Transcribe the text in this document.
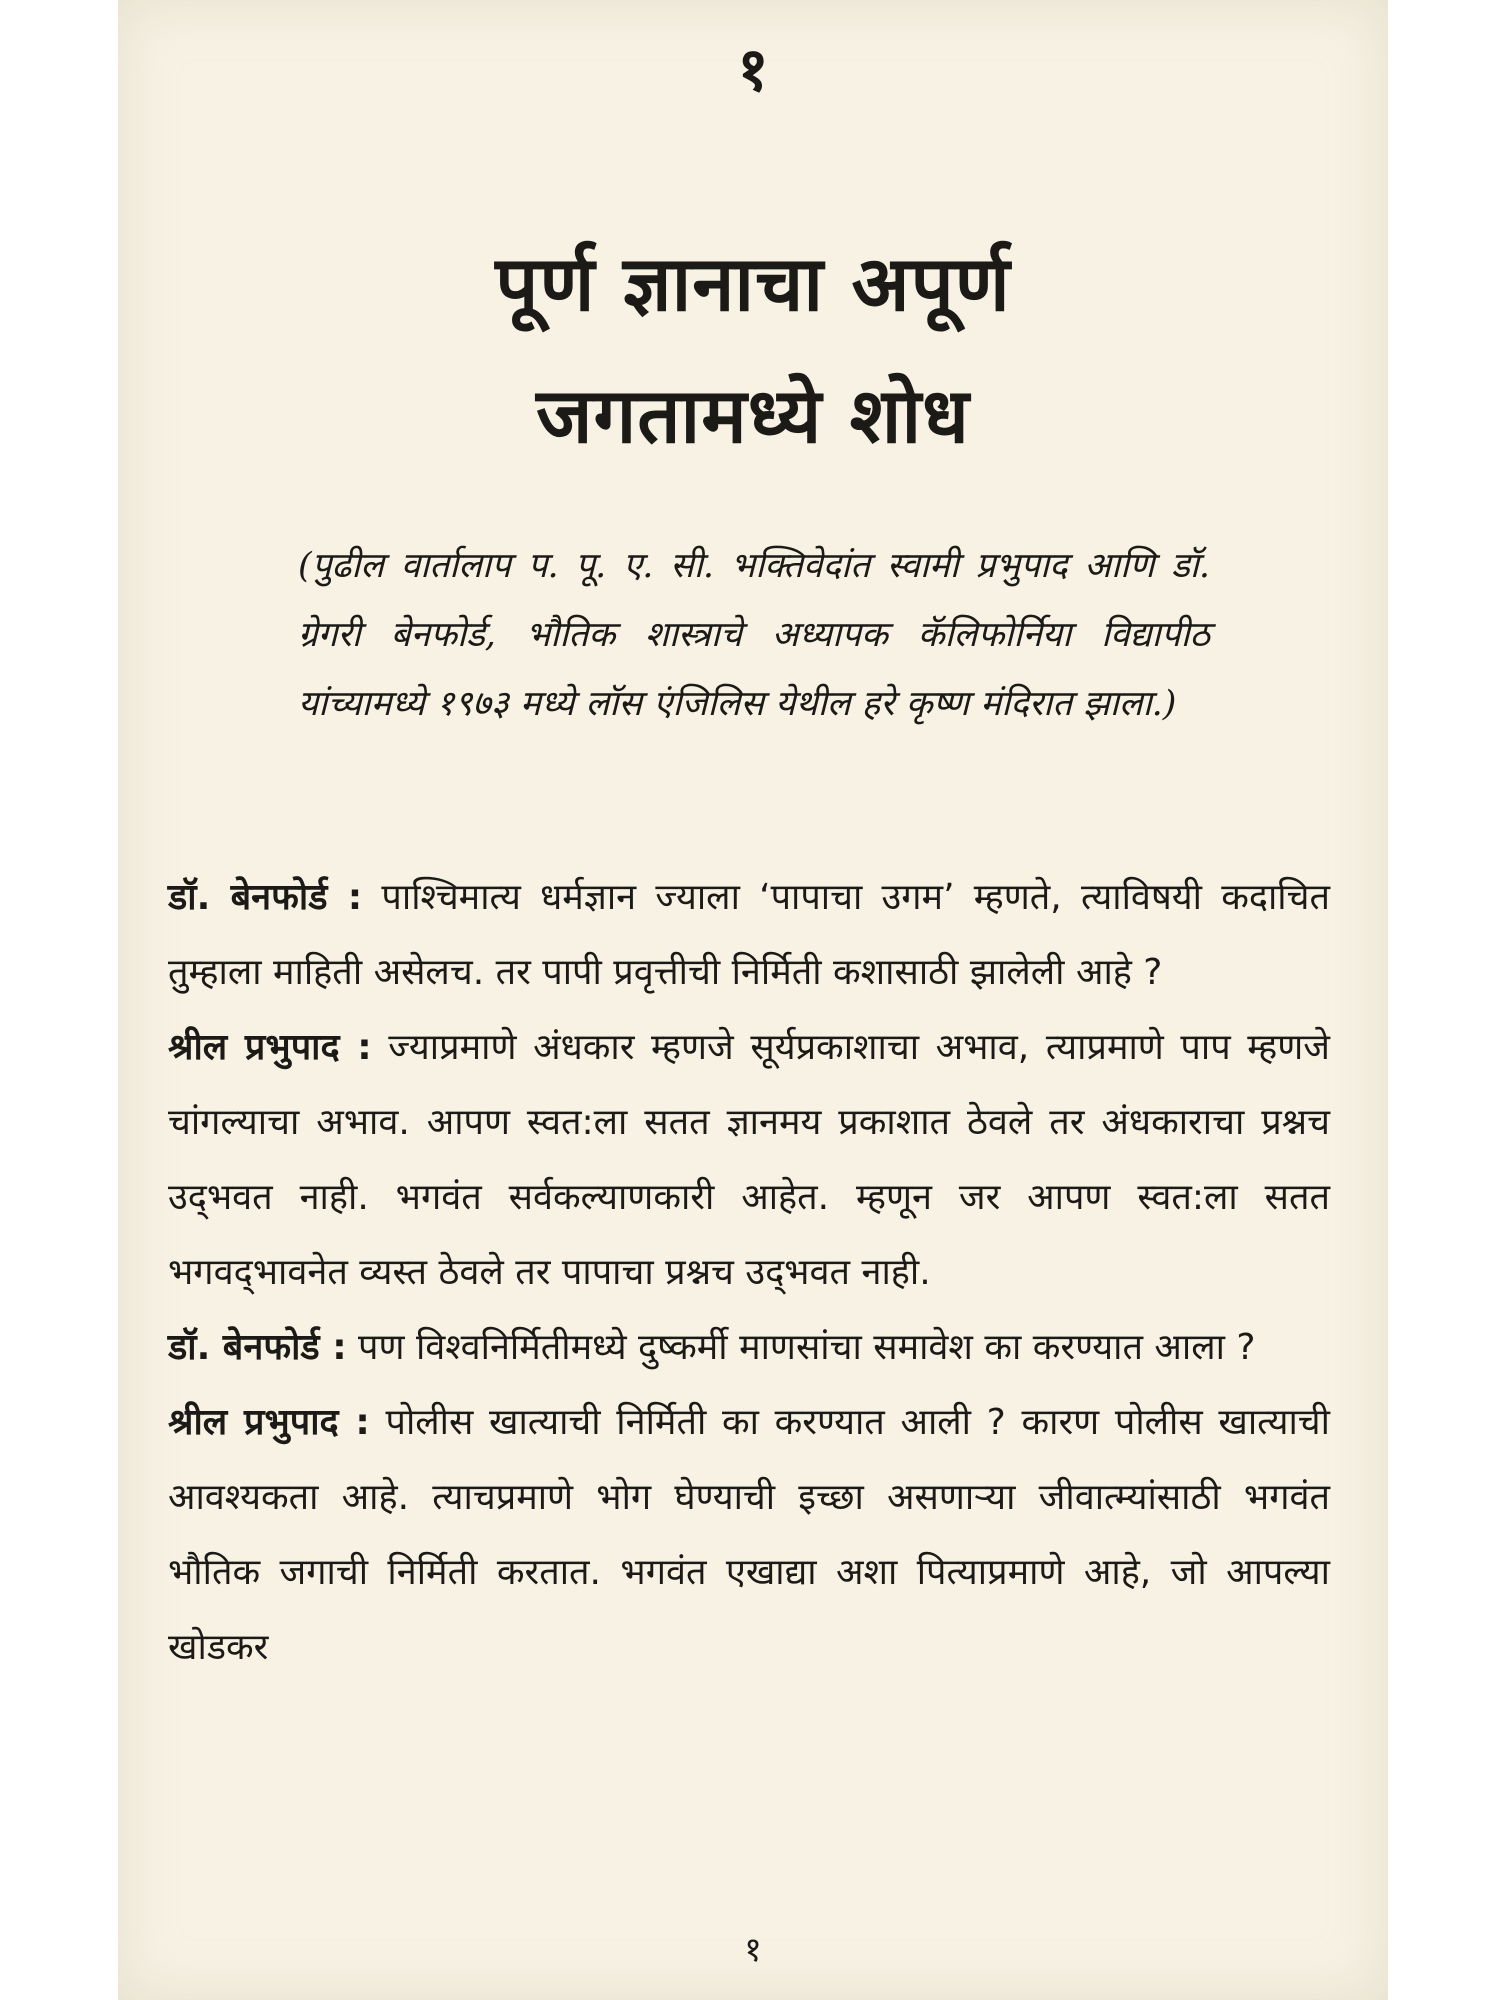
१
पूर्ण ज्ञानाचा अपूर्ण
जगतामध्ये शोध
(पुढील वार्तालाप प. पू. ए. सी. भक्तिवेदांत स्वामी प्रभुपाद आणि डॉ. ग्रेगरी बेनफोर्ड, भौतिक शास्त्राचे अध्यापक कॅलिफोर्निया विद्यापीठ यांच्यामध्ये १९७३ मध्ये लॉस एंजिलिस येथील हरे कृष्ण मंदिरात झाला.)

डॉ. बेनफोर्ड : पाश्चिमात्य धर्मज्ञान ज्याला ‘पापाचा उगम’ म्हणते, त्याविषयी कदाचित तुम्हाला माहिती असेलच. तर पापी प्रवृत्तीची निर्मिती कशासाठी झालेली आहे ?

श्रील प्रभुपाद : ज्याप्रमाणे अंधकार म्हणजे सूर्यप्रकाशाचा अभाव, त्याप्रमाणे पाप म्हणजे चांगल्याचा अभाव. आपण स्वत:ला सतत ज्ञानमय प्रकाशात ठेवले तर अंधकाराचा प्रश्नच उद्‌भवत नाही. भगवंत सर्वकल्याणकारी आहेत. म्हणून जर आपण स्वत:ला सतत भगवद्‌भावनेत व्यस्त ठेवले तर पापाचा प्रश्नच उद्‌भवत नाही.

डॉ. बेनफोर्ड : पण विश्वनिर्मितीमध्ये दुष्कर्मी माणसांचा समावेश का करण्यात आला ?

श्रील प्रभुपाद : पोलीस खात्याची निर्मिती का करण्यात आली ? कारण पोलीस खात्याची आवश्यकता आहे. त्याचप्रमाणे भोग घेण्याची इच्छा असणाऱ्या जीवात्म्यांसाठी भगवंत भौतिक जगाची निर्मिती करतात. भगवंत एखाद्या अशा पित्याप्रमाणे आहे, जो आपल्या खोडकर

१
